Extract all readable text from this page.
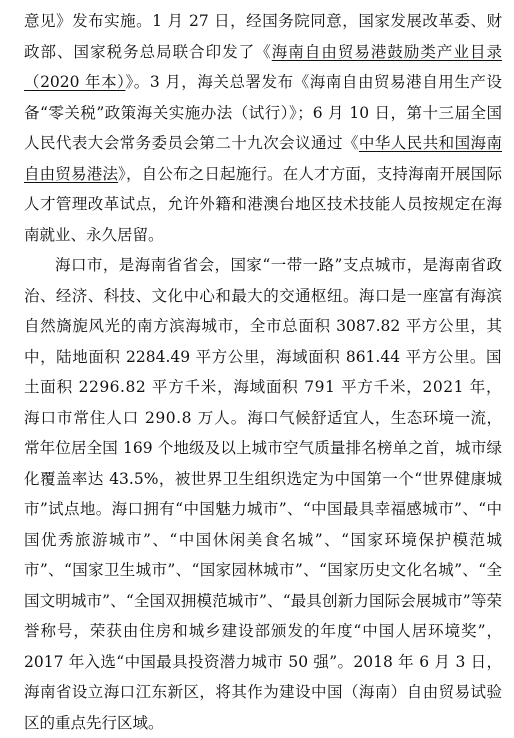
意见》发布实施。1 月 27 日，经国务院同意，国家发展改革委、财政部、国家税务总局联合印发了《海南自由贸易港鼓励类产业目录（2020 年本）》。3 月，海关总署发布《海南自由贸易港自用生产设备“零关税”政策海关实施办法（试行）》；6 月 10 日，第十三届全国人民代表大会常务委员会第二十九次会议通过《中华人民共和国海南自由贸易港法》，自公布之日起施行。在人才方面，支持海南开展国际人才管理改革试点，允许外籍和港澳台地区技术技能人员按规定在海南就业、永久居留。

海口市，是海南省省会，国家“一带一路”支点城市，是海南省政治、经济、科技、文化中心和最大的交通枢纽。海口是一座富有海滨自然旖旎风光的南方滨海城市，全市总面积 3087.82 平方公里，其中，陆地面积 2284.49 平方公里，海域面积 861.44 平方公里。国土面积 2296.82 平方千米，海域面积 791 平方千米，2021 年，海口市常住人口 290.8 万人。海口气候舒适宜人，生态环境一流，常年位居全国 169 个地级及以上城市空气质量排名榜单之首，城市绿化覆盖率达 43.5%，被世界卫生组织选定为中国第一个“世界健康城市”试点地。海口拥有“中国魅力城市”、“中国最具幸福感城市”、“中国优秀旅游城市”、“中国休闲美食名城”、“国家环境保护模范城市”、“国家卫生城市”、“国家园林城市”、“国家历史文化名城”、“全国文明城市”、“全国双拥模范城市”、“最具创新力国际会展城市”等荣誉称号，荣获由住房和城乡建设部颁发的年度“中国人居环境奖”，2017 年入选“中国最具投资潜力城市 50 强”。2018 年 6 月 3 日，海南省设立海口江东新区，将其作为建设中国（海南）自由贸易试验区的重点先行区域。
